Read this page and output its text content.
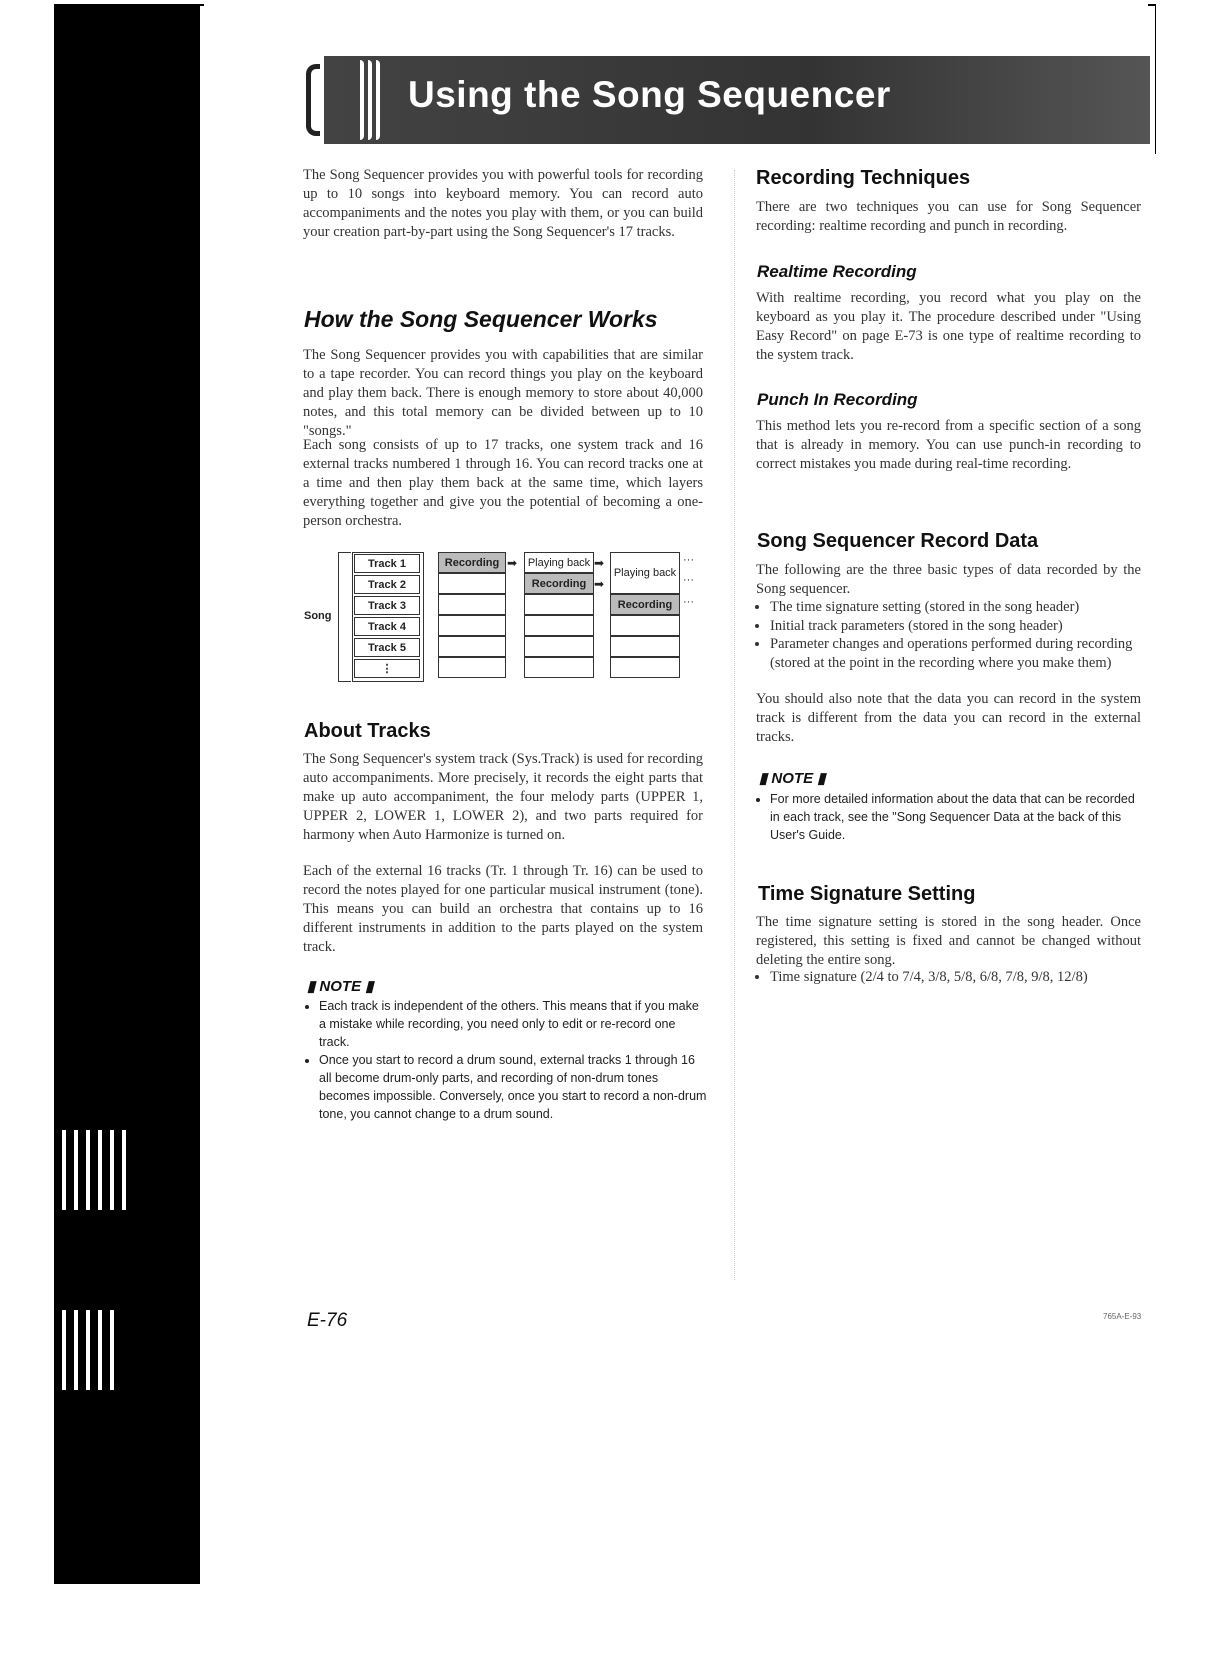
Using the Song Sequencer
The Song Sequencer provides you with powerful tools for recording up to 10 songs into keyboard memory. You can record auto accompaniments and the notes you play with them, or you can build your creation part-by-part using the Song Sequencer's 17 tracks.
How the Song Sequencer Works
The Song Sequencer provides you with capabilities that are similar to a tape recorder. You can record things you play on the keyboard and play them back. There is enough memory to store about 40,000 notes, and this total memory can be divided between up to 10 "songs."
Each song consists of up to 17 tracks, one system track and 16 external tracks numbered 1 through 16. You can record tracks one at a time and then play them back at the same time, which layers everything together and give you the potential of becoming a one-person orchestra.
Song
Track 1
Track 2
Track 3
Track 4
Track 5
⋮
Recording ➡ Playing back
Recording
➡
➡
Playing back
Recording
···
···
···
About Tracks
The Song Sequencer's system track (Sys.Track) is used for recording auto accompaniments. More precisely, it records the eight parts that make up auto accompaniment, the four melody parts (UPPER 1, UPPER 2, LOWER 1, LOWER 2), and two parts required for harmony when Auto Harmonize is turned on.
Each of the external 16 tracks (Tr. 1 through Tr. 16) can be used to record the notes played for one particular musical instrument (tone). This means you can build an orchestra that contains up to 16 different instruments in addition to the parts played on the system track.
▮ NOTE ▮
• Each track is independent of the others. This means that if you make a mistake while recording, you need only to edit or re-record one track.
• Once you start to record a drum sound, external tracks 1 through 16 all become drum-only parts, and recording of non-drum tones becomes impossible. Conversely, once you start to record a non-drum tone, you cannot change to a drum sound.
Recording Techniques
There are two techniques you can use for Song Sequencer recording: realtime recording and punch in recording.
Realtime Recording
With realtime recording, you record what you play on the keyboard as you play it. The procedure described under "Using Easy Record" on page E-73 is one type of realtime recording to the system track.
Punch In Recording
This method lets you re-record from a specific section of a song that is already in memory. You can use punch-in recording to correct mistakes you made during real-time recording.
Song Sequencer Record Data
The following are the three basic types of data recorded by the Song sequencer.
• The time signature setting (stored in the song header)
• Initial track parameters (stored in the song header)
• Parameter changes and operations performed during recording (stored at the point in the recording where you make them)
You should also note that the data you can record in the system track is different from the data you can record in the external tracks.
▮ NOTE ▮
• For more detailed information about the data that can be recorded in each track, see the "Song Sequencer Data at the back of this User's Guide.
Time Signature Setting
The time signature setting is stored in the song header. Once registered, this setting is fixed and cannot be changed without deleting the entire song.
• Time signature (2/4 to 7/4, 3/8, 5/8, 6/8, 7/8, 9/8, 12/8)
E-76	765A-E-93
